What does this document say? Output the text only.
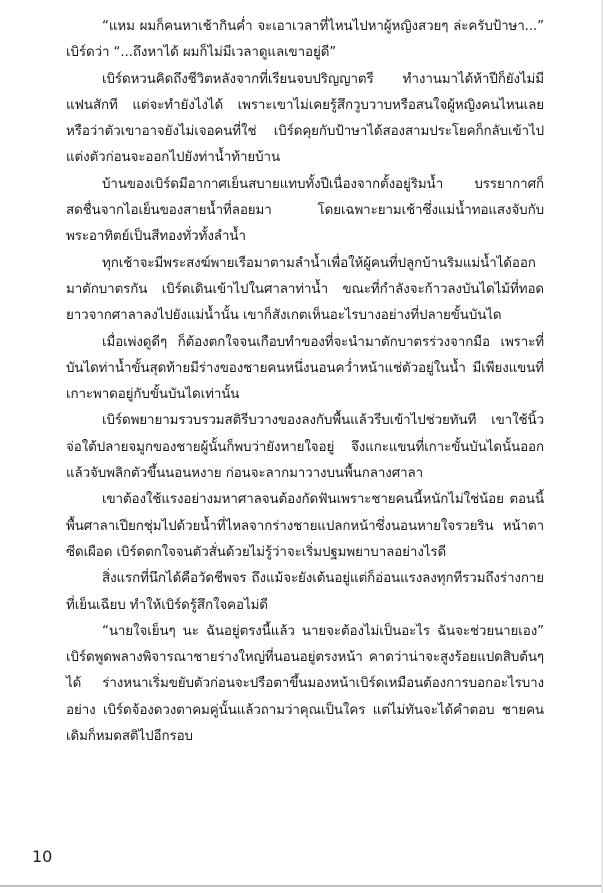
“แหม ผมก็คนหาเช้ากินค่ำ จะเอาเวลาที่ไหนไปหาผู้หญิงสวยๆ ล่ะครับป้าษา...” เบิร์ดว่า “...ถึงหาได้ ผมก็ไม่มีเวลาดูแลเขาอยู่ดี”

เบิร์ดหวนคิดถึงชีวิตหลังจากที่เรียนจบปริญญาตรี ทำงานมาได้ห้าปีก็ยังไม่มีแฟนสักที แต่จะทำยังไงได้ เพราะเขาไม่เคยรู้สึกวูบวาบหรือสนใจผู้หญิงคนไหนเลย หรือว่าตัวเขาอาจยังไม่เจอคนที่ใช่ เบิร์ดคุยกับป้าษาได้สองสามประโยคก็กลับเข้าไปแต่งตัวก่อนจะออกไปยังท่าน้ำท้ายบ้าน

บ้านของเบิร์ดมีอากาศเย็นสบายแทบทั้งปีเนื่องจากตั้งอยู่ริมน้ำ บรรยากาศก็สดชื่นจากไอเย็นของสายน้ำที่ลอยมา โดยเฉพาะยามเช้าซึ่งแม่น้ำทอแสงจับกับพระอาทิตย์เป็นสีทองทั่วทั้งลำน้ำ

ทุกเช้าจะมีพระสงฆ์พายเรือมาตามลำน้ำเพื่อให้ผู้คนที่ปลูกบ้านริมแม่น้ำได้ออกมาตักบาตรกัน เบิร์ดเดินเข้าไปในศาลาท่าน้ำ ขณะที่กำลังจะก้าวลงบันไดไม้ที่ทอดยาวจากศาลาลงไปยังแม่น้ำนั้น เขาก็สังเกตเห็นอะไรบางอย่างที่ปลายขั้นบันได

เมื่อเพ่งดูดีๆ ก็ต้องตกใจจนเกือบทำของที่จะนำมาตักบาตรร่วงจากมือ เพราะที่บันไดท่าน้ำขั้นสุดท้ายมีร่างของชายคนหนึ่งนอนคว่ำหน้าแช่ตัวอยู่ในน้ำ มีเพียงแขนที่เกาะพาดอยู่กับขั้นบันไดเท่านั้น

เบิร์ดพยายามรวบรวมสติรีบวางของลงกับพื้นแล้วรีบเข้าไปช่วยทันที เขาใช้นิ้วจ่อใต้ปลายจมูกของชายผู้นั้นก็พบว่ายังหายใจอยู่ จึงแกะแขนที่เกาะขั้นบันไดนั้นออกแล้วจับพลิกตัวขึ้นนอนหงาย ก่อนจะลากมาวางบนพื้นกลางศาลา

เขาต้องใช้แรงอย่างมหาศาลจนต้องกัดฟันเพราะชายคนนี้หนักไม่ใช่น้อย ตอนนี้พื้นศาลาเปียกชุ่มไปด้วยน้ำที่ไหลจากร่างชายแปลกหน้าซึ่งนอนหายใจรวยริน หน้าตาซีดเผือด เบิร์ดตกใจจนตัวสั่นด้วยไม่รู้ว่าจะเริ่มปฐมพยาบาลอย่างไรดี

สิ่งแรกที่นึกได้คือวัดชีพจร ถึงแม้จะยังเต้นอยู่แต่ก็อ่อนแรงลงทุกทีรวมถึงร่างกายที่เย็นเฉียบ ทำให้เบิร์ดรู้สึกใจคอไม่ดี

“นายใจเย็นๆ นะ ฉันอยู่ตรงนี้แล้ว นายจะต้องไม่เป็นอะไร ฉันจะช่วยนายเอง” เบิร์ดพูดพลางพิจารณาชายร่างใหญ่ที่นอนอยู่ตรงหน้า คาดว่าน่าจะสูงร้อยแปดสิบต้นๆ ได้ ร่างหนาเริ่มขยับตัวก่อนจะปรือตาขึ้นมองหน้าเบิร์ดเหมือนต้องการบอกอะไรบางอย่าง เบิร์ดจ้องดวงตาคมคู่นั้นแล้วถามว่าคุณเป็นใคร แต่ไม่ทันจะได้คำตอบ ชายคนเดิมก็หมดสติไปอีกรอบ

10
